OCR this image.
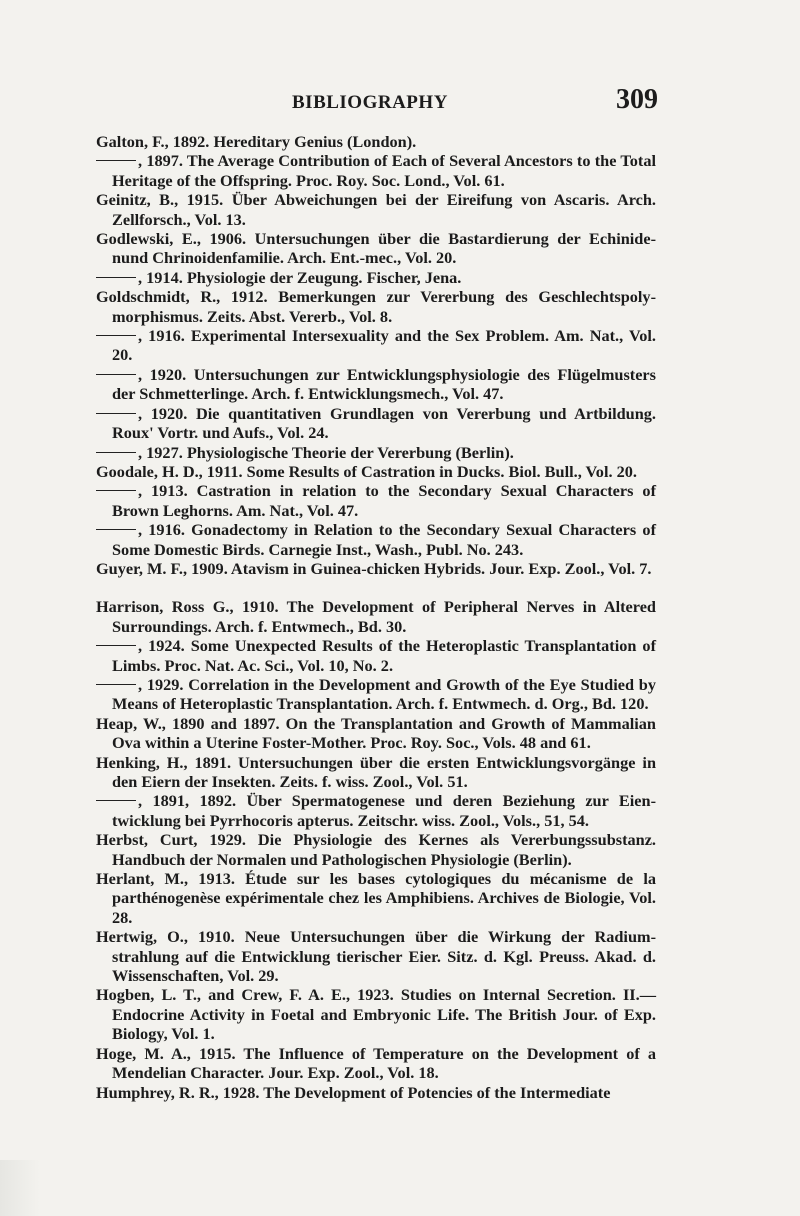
BIBLIOGRAPHY	309

Galton, F., 1892. Hereditary Genius (London).

, 1897. The Average Contribution of Each of Several Ancestors to the Total Heritage of the Offspring. Proc. Roy. Soc. Lond., Vol. 61.

Geinitz, B., 1915. Über Abweichungen bei der Eireifung von Ascaris. Arch. Zellforsch., Vol. 13.

Godlewski, E., 1906. Untersuchungen über die Bastardierung der Echinide-nund Chrinoidenfamilie. Arch. Ent.-mec., Vol. 20.

, 1914. Physiologie der Zeugung. Fischer, Jena.

Goldschmidt, R., 1912. Bemerkungen zur Vererbung des Geschlechtspoly-morphismus. Zeits. Abst. Vererb., Vol. 8.

, 1916. Experimental Intersexuality and the Sex Problem. Am. Nat., Vol. 20.

, 1920. Untersuchungen zur Entwicklungsphysiologie des Flügelmusters der Schmetterlinge. Arch. f. Entwicklungsmech., Vol. 47.

, 1920. Die quantitativen Grundlagen von Vererbung und Artbildung. Roux' Vortr. und Aufs., Vol. 24.

, 1927. Physiologische Theorie der Vererbung (Berlin).

Goodale, H. D., 1911. Some Results of Castration in Ducks. Biol. Bull., Vol. 20.

, 1913. Castration in relation to the Secondary Sexual Characters of Brown Leghorns. Am. Nat., Vol. 47.

, 1916. Gonadectomy in Relation to the Secondary Sexual Characters of Some Domestic Birds. Carnegie Inst., Wash., Publ. No. 243.

Guyer, M. F., 1909. Atavism in Guinea-chicken Hybrids. Jour. Exp. Zool., Vol. 7.

Harrison, Ross G., 1910. The Development of Peripheral Nerves in Altered Surroundings. Arch. f. Entwmech., Bd. 30.

, 1924. Some Unexpected Results of the Heteroplastic Transplantation of Limbs. Proc. Nat. Ac. Sci., Vol. 10, No. 2.

, 1929. Correlation in the Development and Growth of the Eye Studied by Means of Heteroplastic Transplantation. Arch. f. Entwmech. d. Org., Bd. 120.

Heap, W., 1890 and 1897. On the Transplantation and Growth of Mammalian Ova within a Uterine Foster-Mother. Proc. Roy. Soc., Vols. 48 and 61.

Henking, H., 1891. Untersuchungen über die ersten Entwicklungsvorgänge in den Eiern der Insekten. Zeits. f. wiss. Zool., Vol. 51.

, 1891, 1892. Über Spermatogenese und deren Beziehung zur Eien-twicklung bei Pyrrhocoris apterus. Zeitschr. wiss. Zool., Vols., 51, 54.

Herbst, Curt, 1929. Die Physiologie des Kernes als Vererbungssubstanz. Handbuch der Normalen und Pathologischen Physiologie (Berlin).

Herlant, M., 1913. Étude sur les bases cytologiques du mécanisme de la parthénogenèse expérimentale chez les Amphibiens. Archives de Biologie, Vol. 28.

Hertwig, O., 1910. Neue Untersuchungen über die Wirkung der Radium-strahlung auf die Entwicklung tierischer Eier. Sitz. d. Kgl. Preuss. Akad. d. Wissenschaften, Vol. 29.

Hogben, L. T., and Crew, F. A. E., 1923. Studies on Internal Secretion. II.—Endocrine Activity in Foetal and Embryonic Life. The British Jour. of Exp. Biology, Vol. 1.

Hoge, M. A., 1915. The Influence of Temperature on the Development of a Mendelian Character. Jour. Exp. Zool., Vol. 18.

Humphrey, R. R., 1928. The Development of Potencies of the Intermediate
